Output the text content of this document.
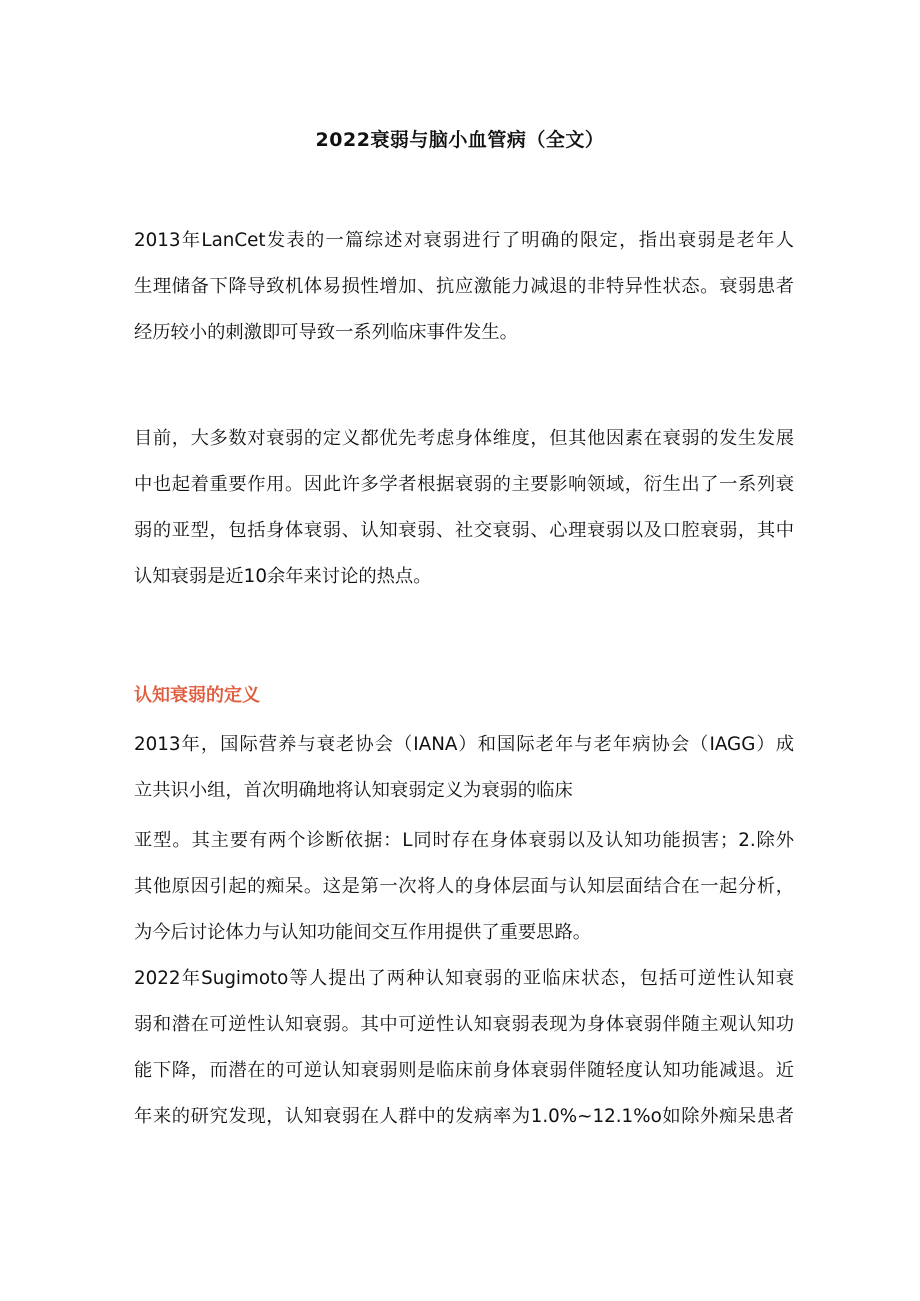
2022衰弱与脑小血管病（全文）
2013年LanCet发表的一篇综述对衰弱进行了明确的限定，指出衰弱是老年人
生理储备下降导致机体易损性增加、抗应激能力减退的非特异性状态。衰弱患者
经历较小的刺激即可导致一系列临床事件发生。
目前，大多数对衰弱的定义都优先考虑身体维度，但其他因素在衰弱的发生发展
中也起着重要作用。因此许多学者根据衰弱的主要影响领域，衍生出了一系列衰
弱的亚型，包括身体衰弱、认知衰弱、社交衰弱、心理衰弱以及口腔衰弱，其中
认知衰弱是近10余年来讨论的热点。
认知衰弱的定义
2013年，国际营养与衰老协会（IANA）和国际老年与老年病协会（IAGG）成
立共识小组，首次明确地将认知衰弱定义为衰弱的临床
亚型。其主要有两个诊断依据：L同时存在身体衰弱以及认知功能损害；2.除外
其他原因引起的痴呆。这是第一次将人的身体层面与认知层面结合在一起分析，
为今后讨论体力与认知功能间交互作用提供了重要思路。
2022年Sugimoto等人提出了两种认知衰弱的亚临床状态，包括可逆性认知衰
弱和潜在可逆性认知衰弱。其中可逆性认知衰弱表现为身体衰弱伴随主观认知功
能下降，而潜在的可逆认知衰弱则是临床前身体衰弱伴随轻度认知功能减退。近
年来的研究发现，认知衰弱在人群中的发病率为1.0%~12.1%o如除外痴呆患者
